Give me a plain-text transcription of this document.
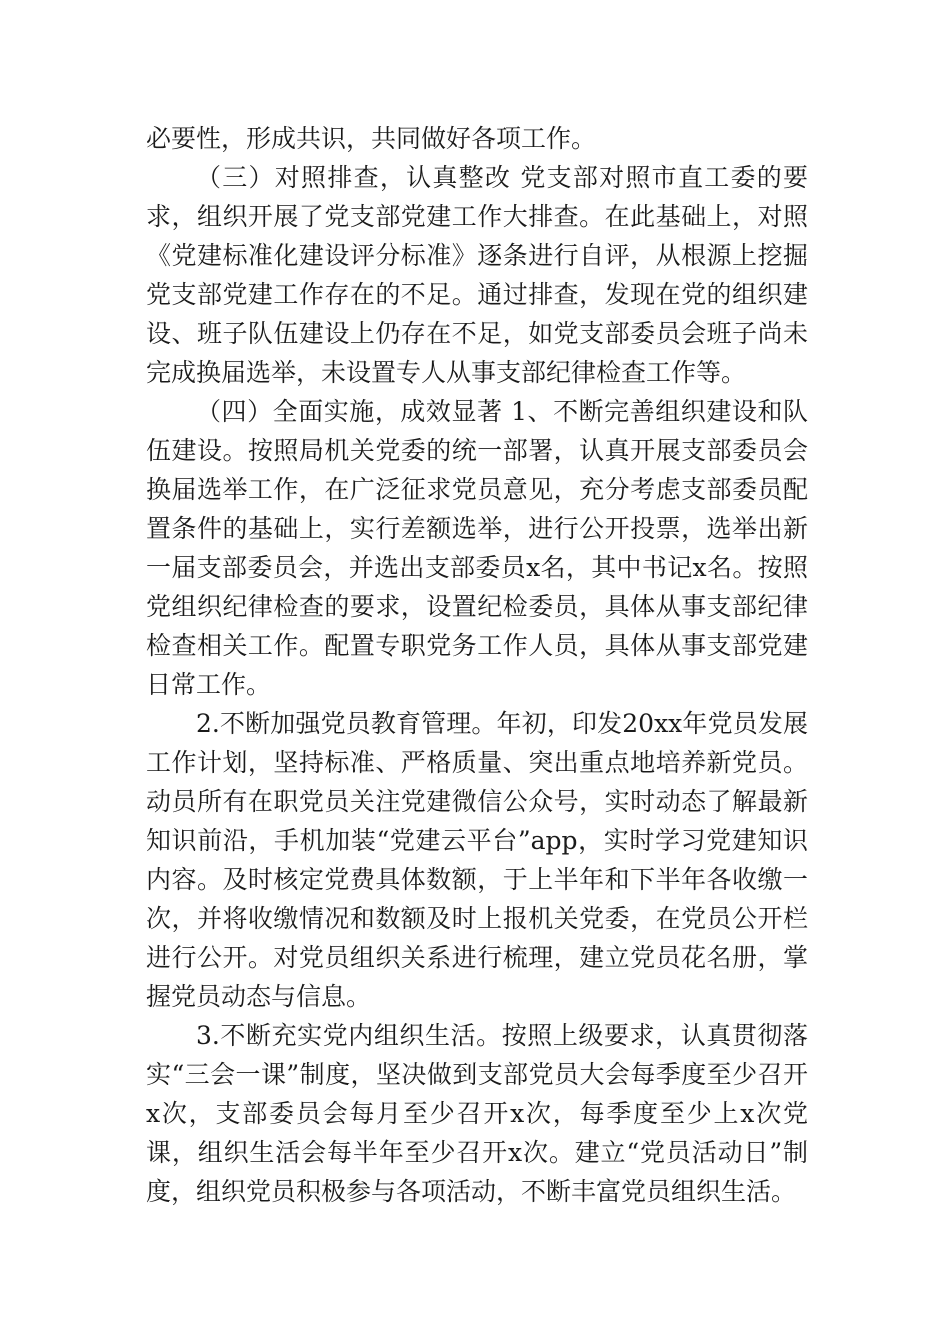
必要性，形成共识，共同做好各项工作。

（三）对照排查，认真整改 党支部对照市直工委的要求，组织开展了党支部党建工作大排查。在此基础上，对照《党建标准化建设评分标准》逐条进行自评，从根源上挖掘党支部党建工作存在的不足。通过排查，发现在党的组织建设、班子队伍建设上仍存在不足，如党支部委员会班子尚未完成换届选举，未设置专人从事支部纪律检查工作等。

（四）全面实施，成效显著 1、不断完善组织建设和队伍建设。按照局机关党委的统一部署，认真开展支部委员会换届选举工作，在广泛征求党员意见，充分考虑支部委员配置条件的基础上，实行差额选举，进行公开投票，选举出新一届支部委员会，并选出支部委员x名，其中书记x名。按照党组织纪律检查的要求，设置纪检委员，具体从事支部纪律检查相关工作。配置专职党务工作人员，具体从事支部党建日常工作。

2.不断加强党员教育管理。年初，印发20xx年党员发展工作计划，坚持标准、严格质量、突出重点地培养新党员。动员所有在职党员关注党建微信公众号，实时动态了解最新知识前沿，手机加装“党建云平台”app，实时学习党建知识内容。及时核定党费具体数额，于上半年和下半年各收缴一次，并将收缴情况和数额及时上报机关党委，在党员公开栏进行公开。对党员组织关系进行梳理，建立党员花名册，掌握党员动态与信息。

3.不断充实党内组织生活。按照上级要求，认真贯彻落实“三会一课”制度，坚决做到支部党员大会每季度至少召开x次，支部委员会每月至少召开x次，每季度至少上x次党课，组织生活会每半年至少召开x次。建立“党员活动日”制度，组织党员积极参与各项活动，不断丰富党员组织生活。
